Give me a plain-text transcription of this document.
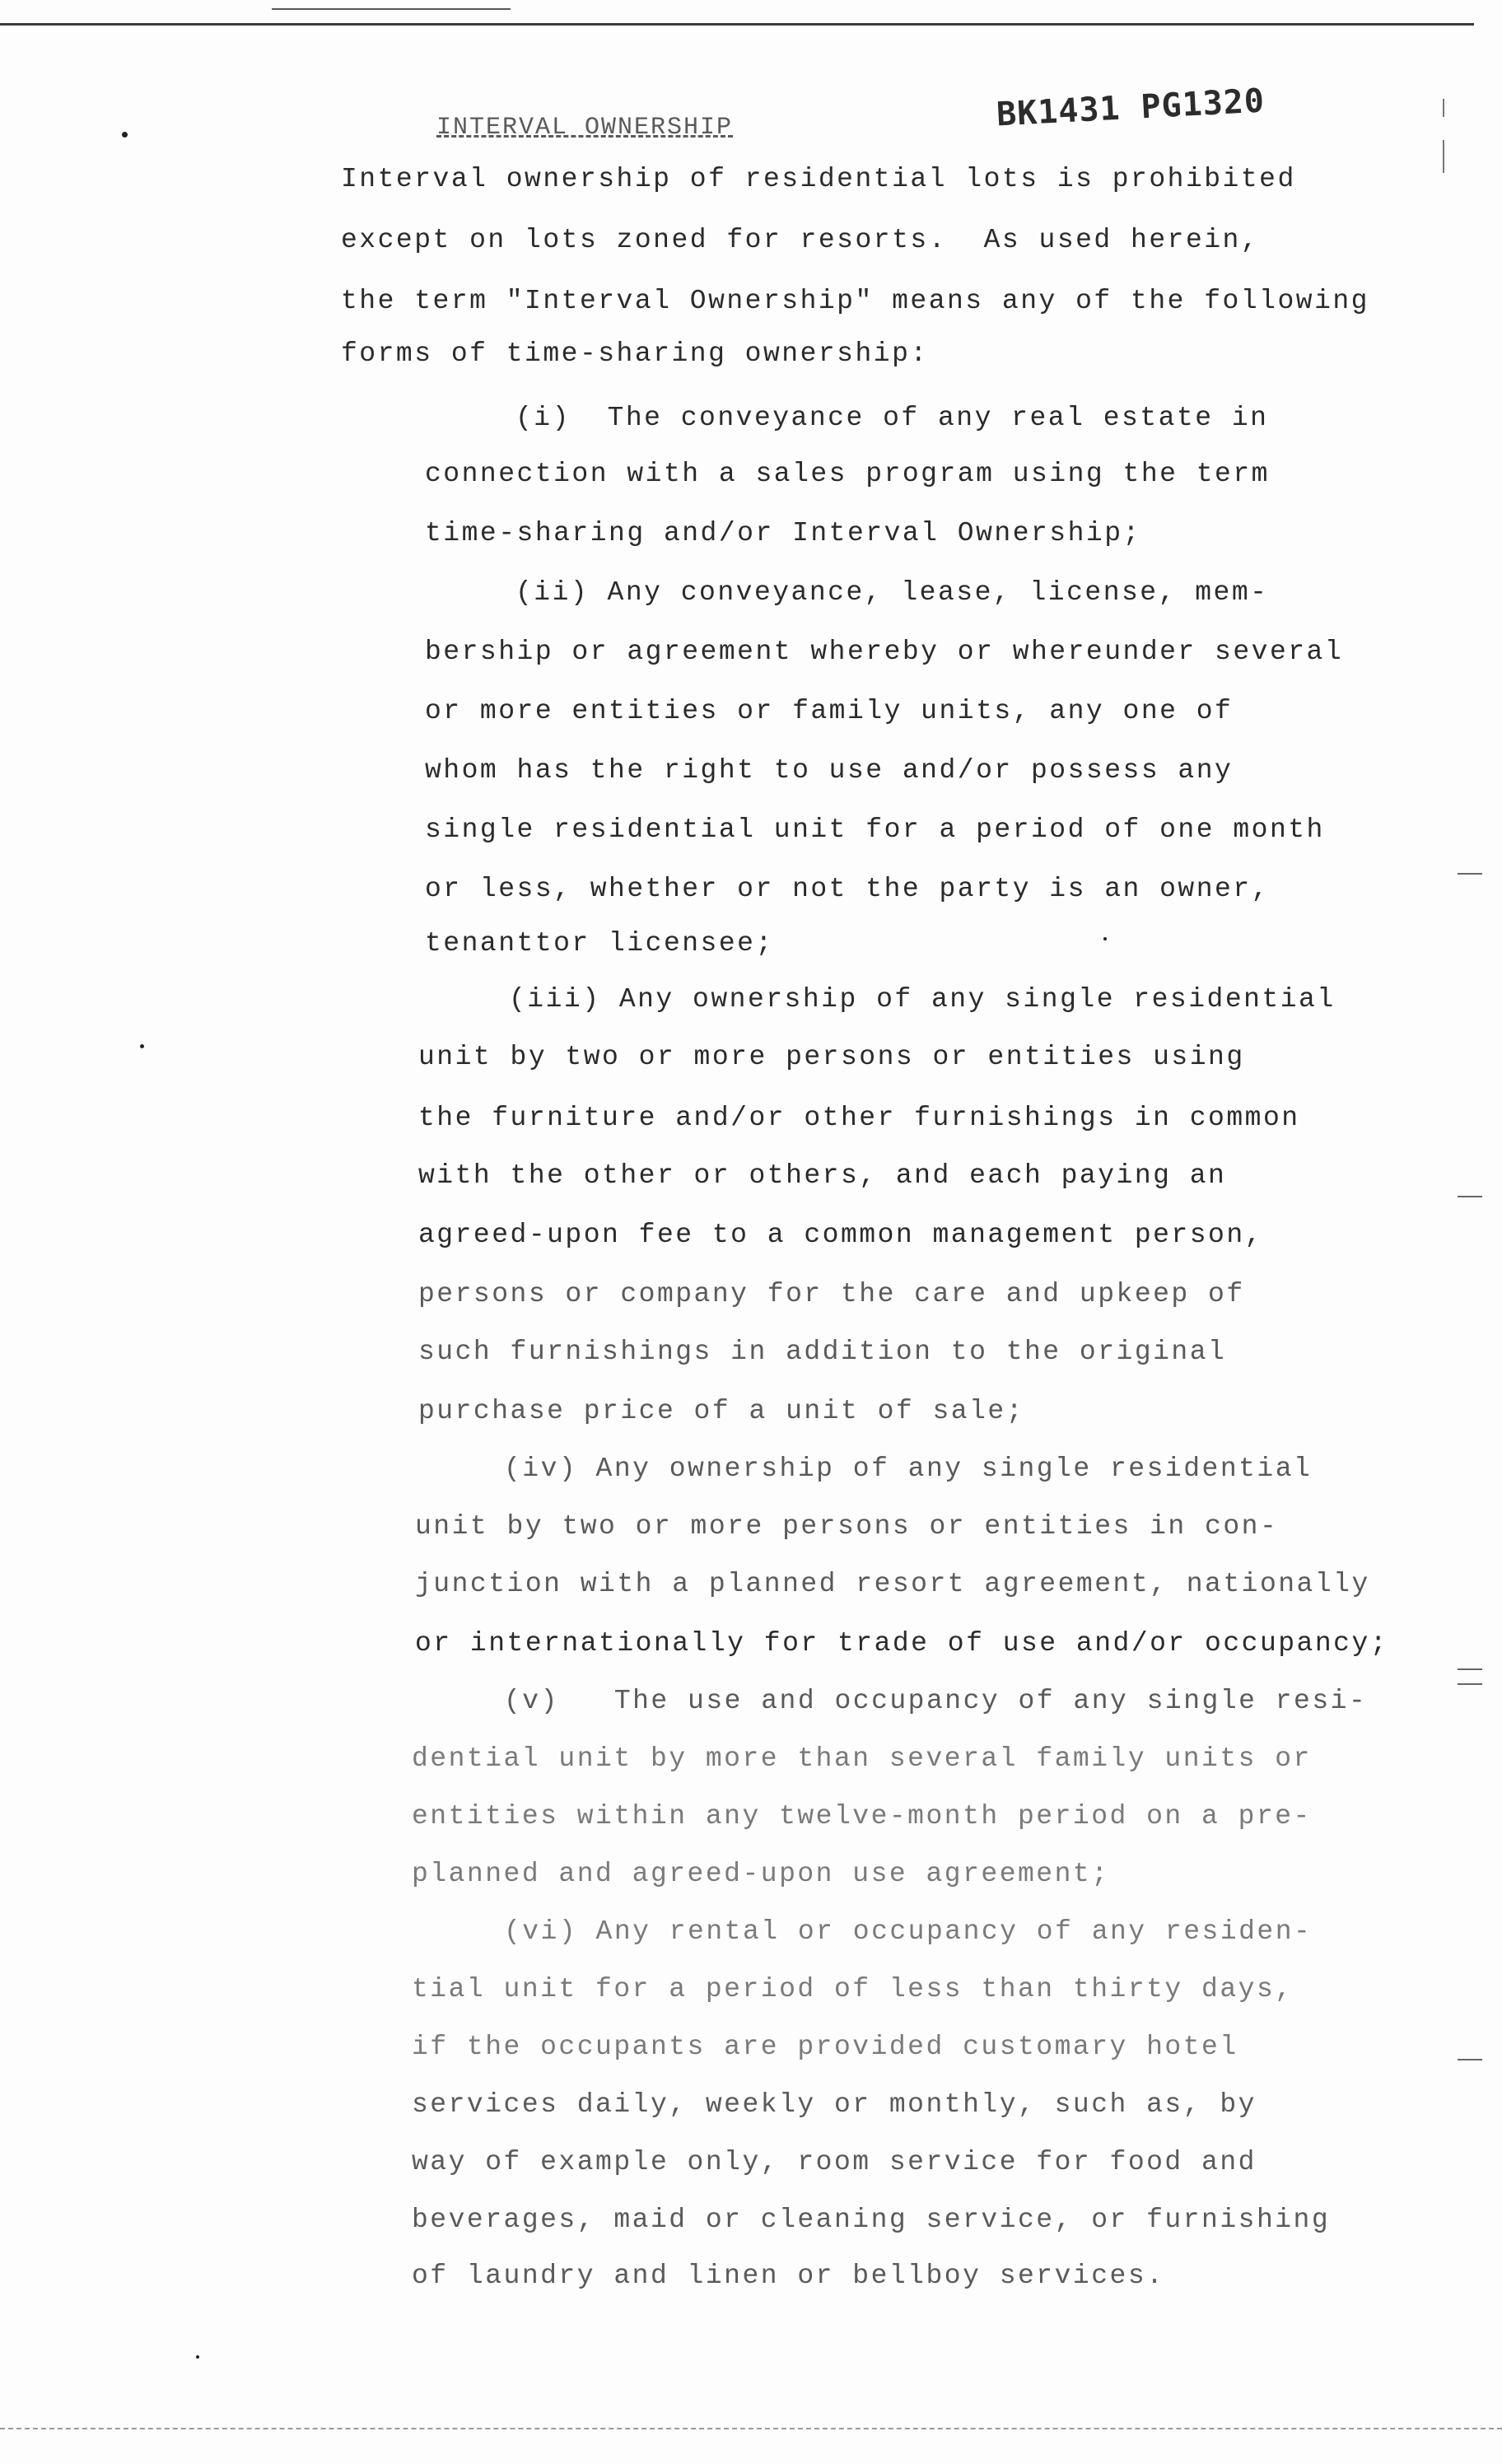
INTERVAL OWNERSHIP	BK1431 PG1320
Interval ownership of residential lots is prohibited
except on lots zoned for resorts.  As used herein,
the term "Interval Ownership" means any of the following
forms of time-sharing ownership:
(i)  The conveyance of any real estate in
connection with a sales program using the term
time-sharing and/or Interval Ownership;
(ii) Any conveyance, lease, license, mem-
bership or agreement whereby or whereunder several
or more entities or family units, any one of
whom has the right to use and/or possess any
single residential unit for a period of one month
or less, whether or not the party is an owner,
tenanttor licensee;
(iii) Any ownership of any single residential
unit by two or more persons or entities using
the furniture and/or other furnishings in common
with the other or others, and each paying an
agreed-upon fee to a common management person,
persons or company for the care and upkeep of
such furnishings in addition to the original
purchase price of a unit of sale;
(iv) Any ownership of any single residential
unit by two or more persons or entities in con-
junction with a planned resort agreement, nationally
or internationally for trade of use and/or occupancy;
(v)   The use and occupancy of any single resi-
dential unit by more than several family units or
entities within any twelve-month period on a pre-
planned and agreed-upon use agreement;
(vi) Any rental or occupancy of any residen-
tial unit for a period of less than thirty days,
if the occupants are provided customary hotel
services daily, weekly or monthly, such as, by
way of example only, room service for food and
beverages, maid or cleaning service, or furnishing
of laundry and linen or bellboy services.
